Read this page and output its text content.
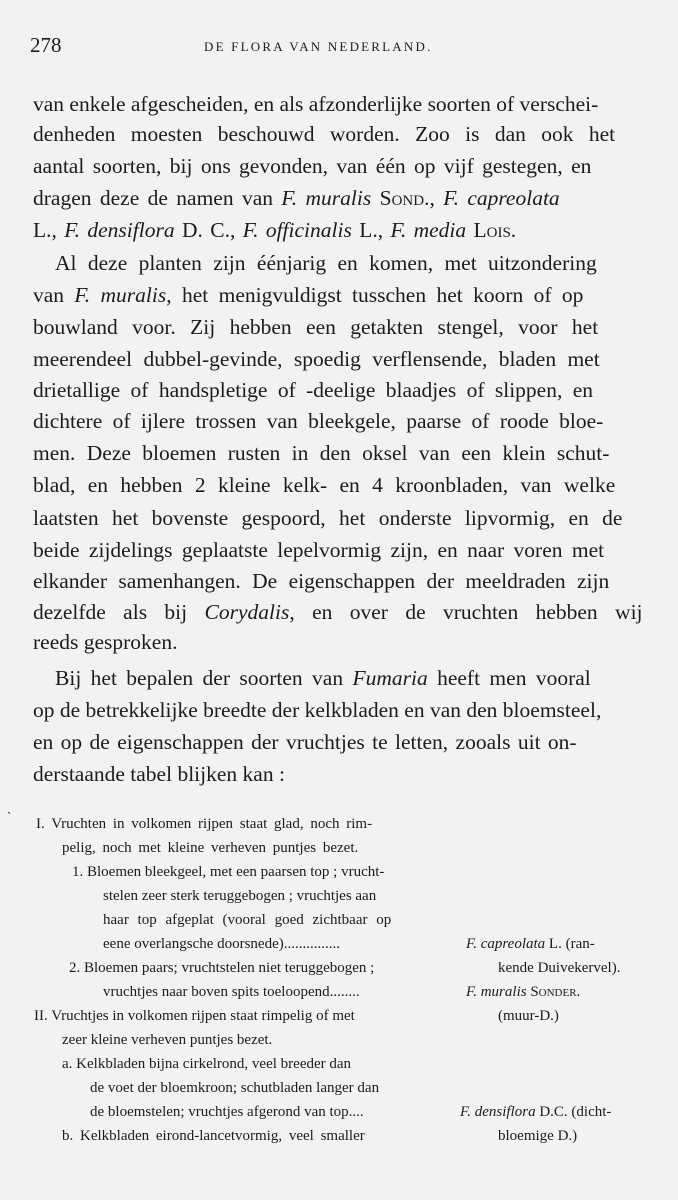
278	DE FLORA VAN NEDERLAND.
van enkele afgescheiden, en als afzonderlijke soorten of verschei-
denheden moesten beschouwd worden. Zoo is dan ook het
aantal soorten, bij ons gevonden, van één op vijf gestegen, en
dragen deze de namen van F. muralis Sond., F. capreolata
L., F. densiflora D. C., F. officinalis L., F. media Lois.
Al deze planten zijn éénjarig en komen, met uitzondering
van F. muralis, het menigvuldigst tusschen het koorn of op
bouwland voor. Zij hebben een getakten stengel, voor het
meerendeel dubbel-gevinde, spoedig verflensende, bladen met
drietallige of handspletige of -deelige blaadjes of slippen, en
dichtere of ijlere trossen van bleekgele, paarse of roode bloe-
men. Deze bloemen rusten in den oksel van een klein schut-
blad, en hebben 2 kleine kelk- en 4 kroonbladen, van welke
laatsten het bovenste gespoord, het onderste lipvormig, en de
beide zijdelings geplaatste lepelvormig zijn, en naar voren met
elkander samenhangen. De eigenschappen der meeldraden zijn
dezelfde als bij Corydalis, en over de vruchten hebben wij
reeds gesproken.
Bij het bepalen der soorten van Fumaria heeft men vooral
op de betrekkelijke breedte der kelkbladen en van den bloemsteel,
en op de eigenschappen der vruchtjes te letten, zooals uit on-
derstaande tabel blijken kan :
` I. Vruchten in volkomen rijpen staat glad, noch rim-
pelig, noch met kleine verheven puntjes bezet.
1. Bloemen bleekgeel, met een paarsen top ; vrucht-
stelen zeer sterk teruggebogen ; vruchtjes aan
haar top afgeplat (vooral goed zichtbaar op
eene overlangsche doorsnede)...............	F. capreolata L. (ran-
kende Duivekervel).
2. Bloemen paars; vruchtstelen niet teruggebogen ;
vruchtjes naar boven spits toeloopend........	F. muralis Sonder.
(muur-D.)
II. Vruchtjes in volkomen rijpen staat rimpelig of met
zeer kleine verheven puntjes bezet.
a. Kelkbladen bijna cirkelrond, veel breeder dan
de voet der bloemkroon; schutbladen langer dan
de bloemstelen; vruchtjes afgerond van top....	F. densiflora D.C. (dicht-
bloemige D.)
b. Kelkbladen eirond-lancetvormig, veel smaller
